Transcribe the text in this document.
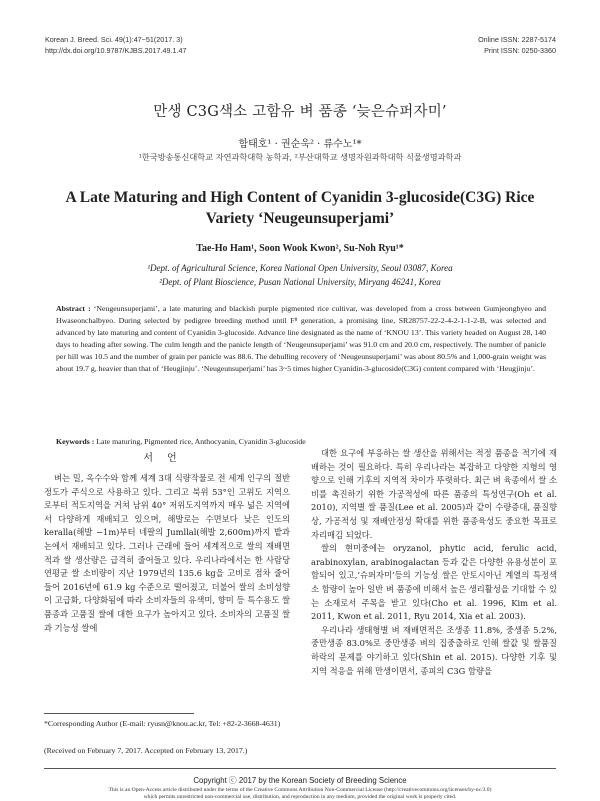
Korean J. Breed. Sci. 49(1):47~51(2017. 3)
http://dx.doi.org/10.9787/KJBS.2017.49.1.47
Online ISSN: 2287-5174
Print ISSN: 0250-3360
만생 C3G색소 고함유 벼 품종 ‘늦은슈퍼자미’
함태호¹ · 권순욱² · 류수노¹*
¹한국방송통신대학교 자연과학대학 농학과, ²부산대학교 생명자원과학대학 식물생명과학과
A Late Maturing and High Content of Cyanidin 3-glucoside(C3G) Rice
Variety ‘Neugeunsuperjami’
Tae-Ho Ham¹, Soon Wook Kwon², Su-Noh Ryu¹*
¹Dept. of Agricultural Science, Korea National Open University, Seoul 03087, Korea
²Dept. of Plant Bioscience, Pusan National University, Miryang 46241, Korea
Abstract : ‘Neugeunsuperjami’, a late maturing and blackish purple pigmented rice cultivar, was developed from a cross between Gumjeongbyeo and Hwaseonchalbyeo. During selected by pedigree breeding method until F⁸ generation, a promising line, SR28757-22-2-4-2-1-1-2-B, was selected and advanced by late maturing and content of Cyanidin 3-glucoside. Advance line designated as the name of ‘KNOU 13’. This variety headed on August 28, 140 days to heading after sowing. The culm length and the panicle length of ‘Neugeunsuperjami’ was 91.0 cm and 20.0 cm, respectively. The number of panicle per hill was 10.5 and the number of grain per panicle was 88.6. The dehulling recovery of ‘Neugeunsuperjami’ was about 80.5% and 1,000-grain weight was about 19.7 g, heavier than that of ‘Heugjinju’. ‘Neugeunsuperjami’ has 3~5 times higher Cyanidin-3-glucoside(C3G) content compared with ‘Heugjinju’.
Keywords : Late maturing, Pigmented rice, Anthocyanin, Cyanidin 3-glucoside
서언

벼는 밀, 옥수수와 함께 세계 3대 식량작물로 전 세계 인구의 절반 정도가 주식으로 사용하고 있다. 그리고 북위 53°인 고위도 지역으로부터 적도지역을 거쳐 남위 40° 저위도지역까지 매우 넓은 지역에서 다양하게 재배되고 있으며, 해발로는 수면보다 낮은 인도의 keralla(해발 −1m)부터 네팔의 Jumllal(해발 2,600m)까지 밭과 논에서 재배되고 있다. 그러나 근래에 들어 세계적으로 쌀의 재배면적과 쌀 생산량은 급격히 줄어들고 있다. 우리나라에서는 한 사람당 연평균 쌀 소비량이 지난 1979년의 135.6 kg을 고비로 점차 줄어들어 2016년에 61.9 kg 수준으로 떨어졌고, 더불어 쌀의 소비성향이 고급화, 다양화됨에 따라 소비자들의 유색미, 향미 등 특수용도 쌀 품종과 고품질 쌀에 대한 요구가 높아지고 있다. 소비자의 고품질 쌀과 기능성 쌀에

*Corresponding Author (E-mail: ryusn@knou.ac.kr, Tel: +82-2-3668-4631)
(Received on February 7, 2017. Accepted on February 13, 2017.)

대한 요구에 부응하는 쌀 생산을 위해서는 적정 품종을 적기에 재배하는 것이 필요하다. 특히 우리나라는 복잡하고 다양한 지형의 영향으로 인해 기후의 지역적 차이가 뚜렷하다. 최근 벼 육종에서 쌀 소비를 촉진하기 위한 가공적성에 따른 품종의 특성연구(Oh et al. 2010), 지역별 쌀 품질(Lee et al. 2005)과 같이 수량증대, 품질향상, 가공적성 및 재배안정성 확대를 위한 품종육성도 중요한 목표로 자리매김 되었다.

쌀의 현미중에는 oryzanol, phytic acid, ferulic acid, arabinoxylan, arabinogalactan 등과 같은 다양한 유용성분이 포함되어 있고,‘슈퍼자미’등의 기능성 쌀은 안토시아닌 계열의 특정색소 함량이 높아 일반 벼 품종에 비해서 높은 생리활성을 기대할 수 있는 소재로서 주목을 받고 있다(Cho et al. 1996, Kim et al. 2011, Kwon et al. 2011, Ryu 2014, Xia et al. 2003).

우리나라 생태형별 벼 재배면적은 조생종 11.8%, 중생종 5.2%, 중만생종 83.0%로 중만생종 벼의 집중출하로 인해 쌀값 및 쌀품질 하락의 문제를 야기하고 있다(Shin et al. 2015). 다양한 기후 및 지역 적응을 위해 만생이면서, 종피의 C3G 함량을

Copyright ⓒ 2017 by the Korean Society of Breeding Science
This is an Open-Access article distributed under the terms of the Creative Commons Attribution Non-Commercial License (http://creativecommons.org/licenses/by-nc/3.0)
which permits unrestricted non-commercial use, distribution, and reproduction in any medium, provided the original work is properly cited.
